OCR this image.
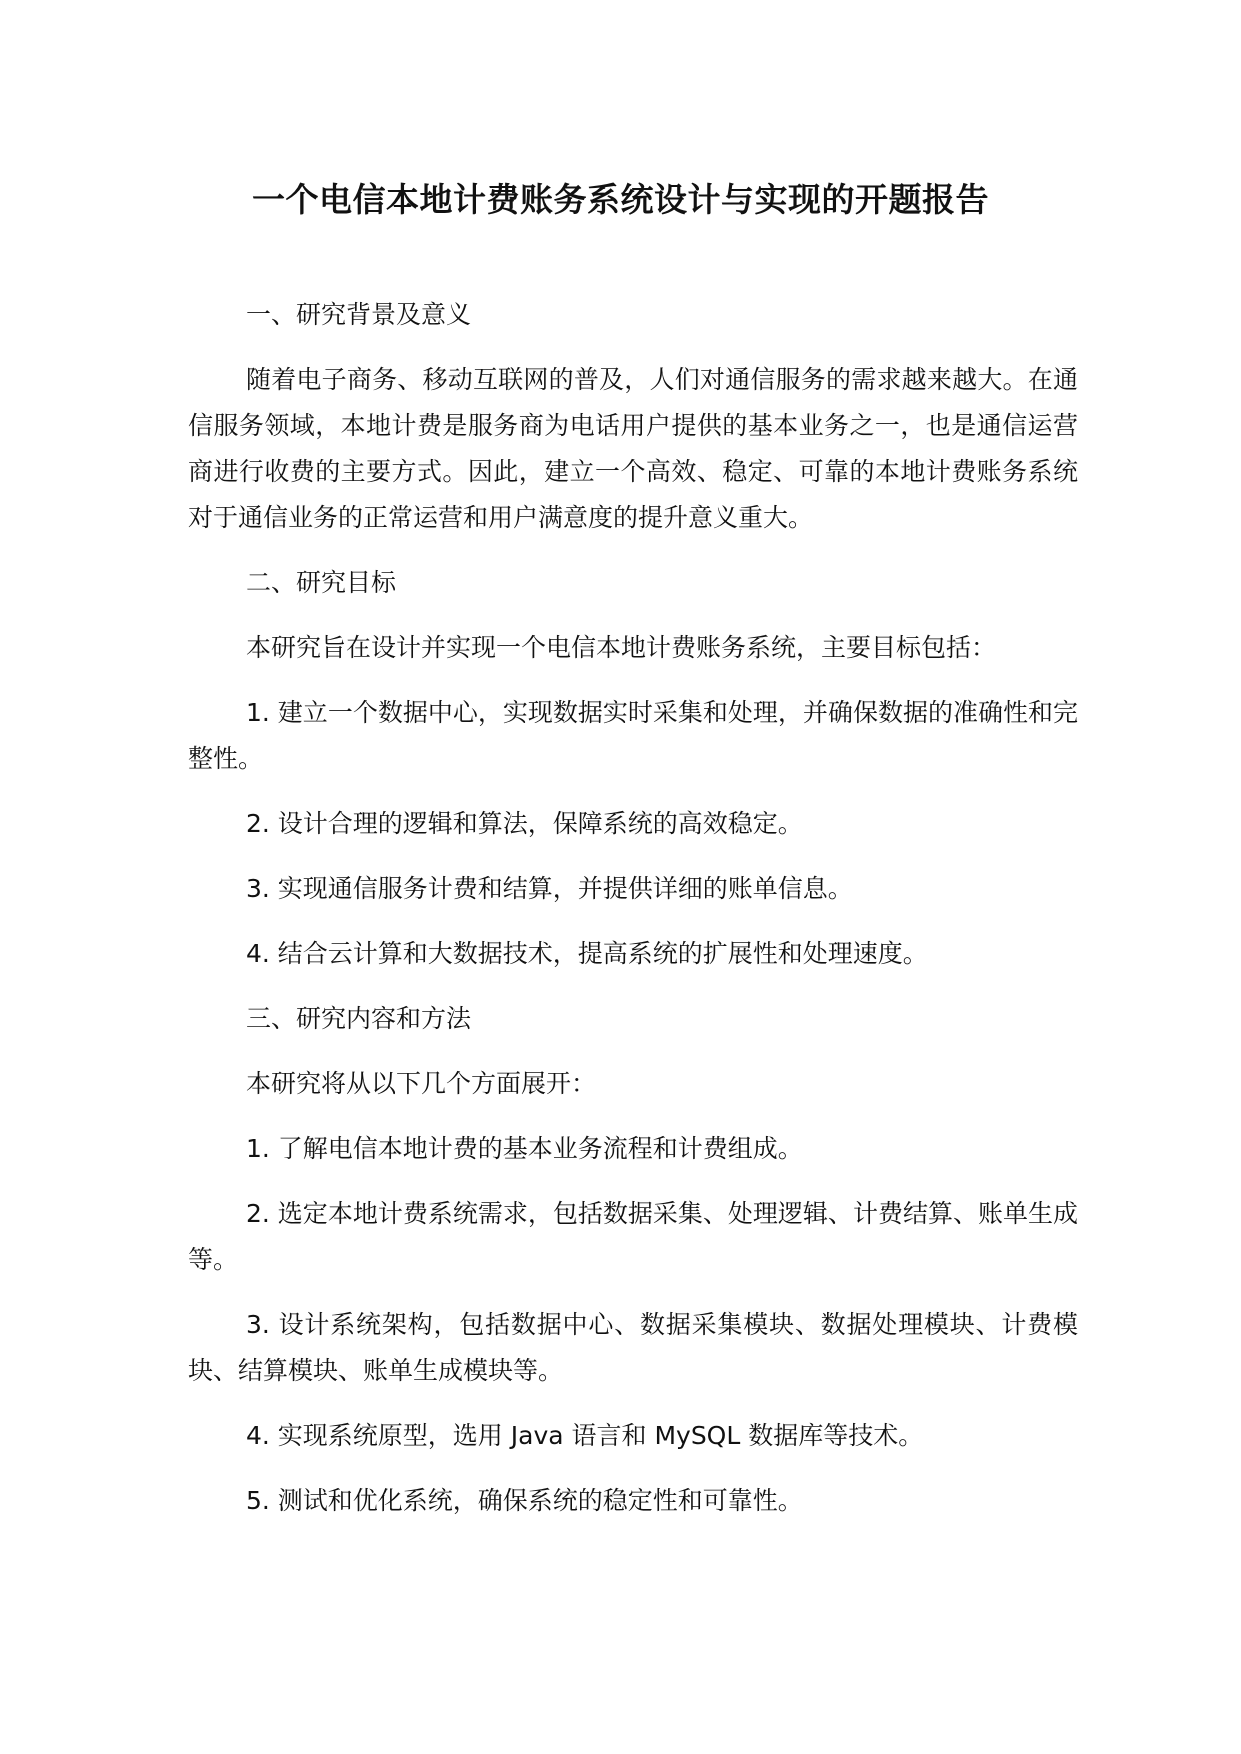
一个电信本地计费账务系统设计与实现的开题报告

一、研究背景及意义

随着电子商务、移动互联网的普及，人们对通信服务的需求越来越大。在通信服务领域，本地计费是服务商为电话用户提供的基本业务之一，也是通信运营商进行收费的主要方式。因此，建立一个高效、稳定、可靠的本地计费账务系统对于通信业务的正常运营和用户满意度的提升意义重大。

二、研究目标

本研究旨在设计并实现一个电信本地计费账务系统，主要目标包括：

1. 建立一个数据中心，实现数据实时采集和处理，并确保数据的准确性和完整性。

2. 设计合理的逻辑和算法，保障系统的高效稳定。

3. 实现通信服务计费和结算，并提供详细的账单信息。

4. 结合云计算和大数据技术，提高系统的扩展性和处理速度。

三、研究内容和方法

本研究将从以下几个方面展开：

1. 了解电信本地计费的基本业务流程和计费组成。

2. 选定本地计费系统需求，包括数据采集、处理逻辑、计费结算、账单生成等。

3. 设计系统架构，包括数据中心、数据采集模块、数据处理模块、计费模块、结算模块、账单生成模块等。

4. 实现系统原型，选用 Java 语言和 MySQL 数据库等技术。

5. 测试和优化系统，确保系统的稳定性和可靠性。
